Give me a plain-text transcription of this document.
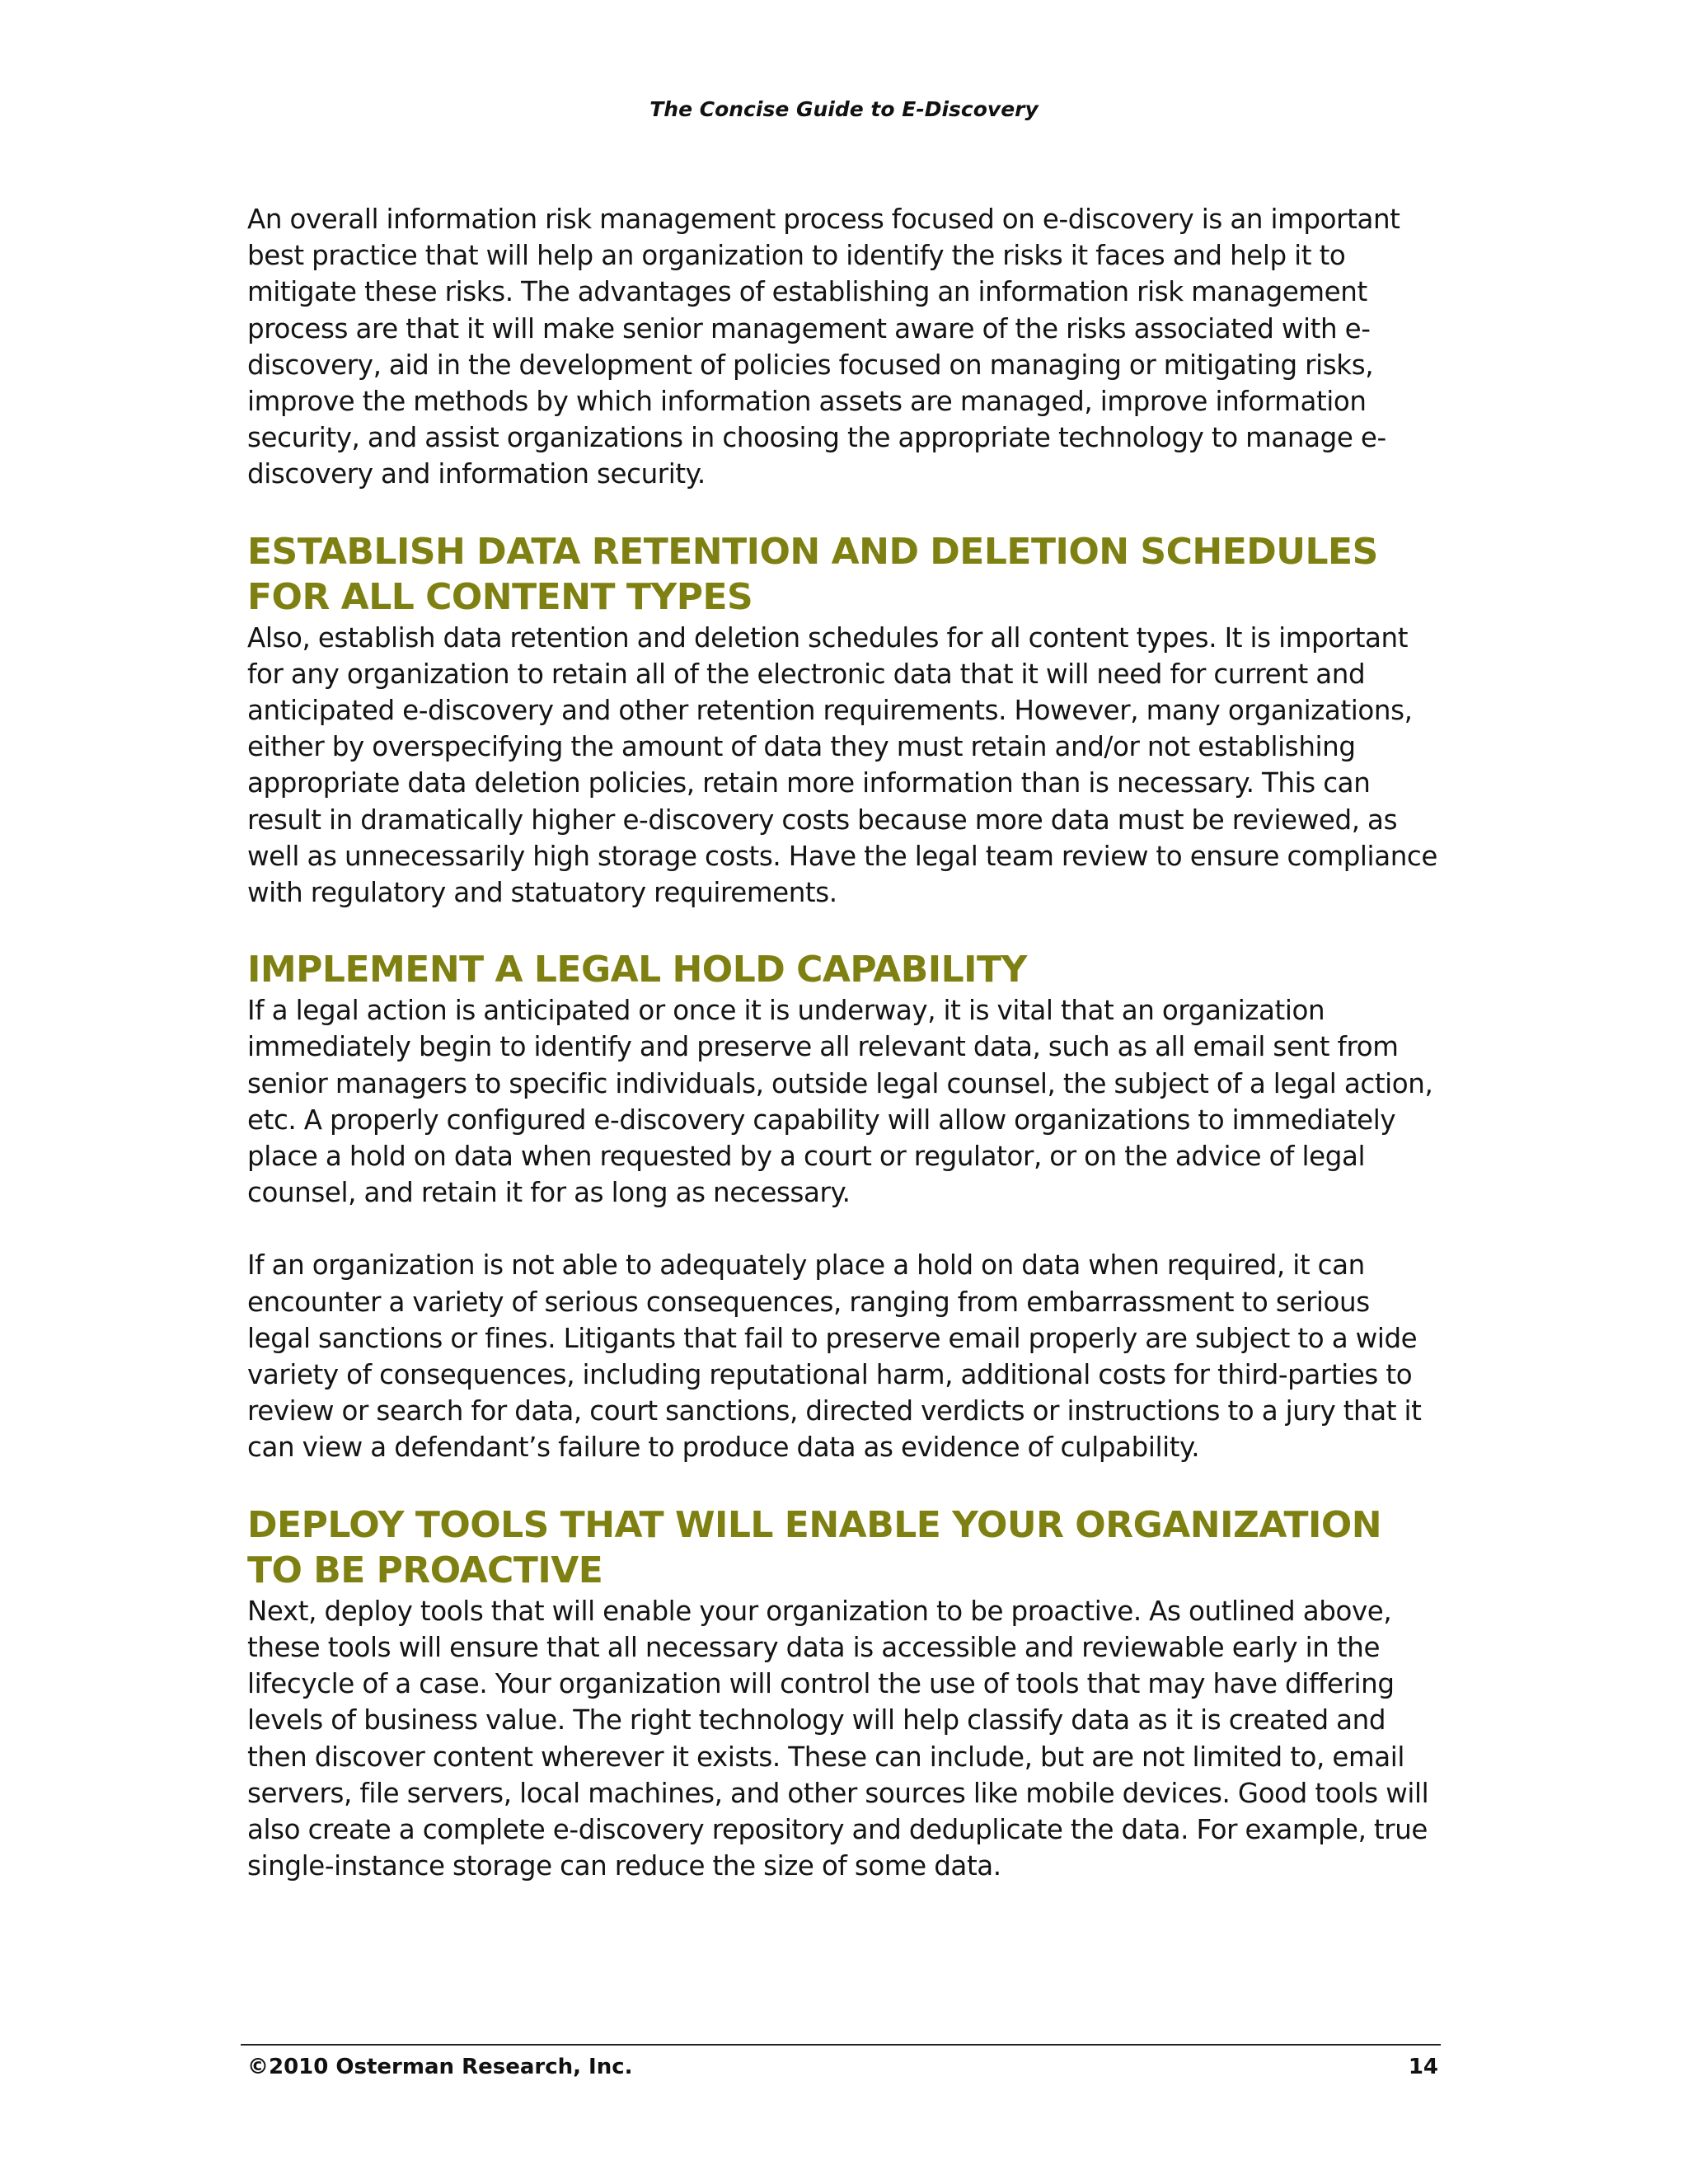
The Concise Guide to E-Discovery

An overall information risk management process focused on e-discovery is an important best practice that will help an organization to identify the risks it faces and help it to mitigate these risks. The advantages of establishing an information risk management process are that it will make senior management aware of the risks associated with e-discovery, aid in the development of policies focused on managing or mitigating risks, improve the methods by which information assets are managed, improve information security, and assist organizations in choosing the appropriate technology to manage e-discovery and information security.

ESTABLISH DATA RETENTION AND DELETION SCHEDULES
FOR ALL CONTENT TYPES

Also, establish data retention and deletion schedules for all content types. It is important for any organization to retain all of the electronic data that it will need for current and anticipated e-discovery and other retention requirements. However, many organizations, either by overspecifying the amount of data they must retain and/or not establishing appropriate data deletion policies, retain more information than is necessary. This can result in dramatically higher e-discovery costs because more data must be reviewed, as well as unnecessarily high storage costs. Have the legal team review to ensure compliance with regulatory and statuatory requirements.

IMPLEMENT A LEGAL HOLD CAPABILITY

If a legal action is anticipated or once it is underway, it is vital that an organization immediately begin to identify and preserve all relevant data, such as all email sent from senior managers to specific individuals, outside legal counsel, the subject of a legal action, etc. A properly configured e-discovery capability will allow organizations to immediately place a hold on data when requested by a court or regulator, or on the advice of legal counsel, and retain it for as long as necessary.

If an organization is not able to adequately place a hold on data when required, it can encounter a variety of serious consequences, ranging from embarrassment to serious legal sanctions or fines. Litigants that fail to preserve email properly are subject to a wide variety of consequences, including reputational harm, additional costs for third-parties to review or search for data, court sanctions, directed verdicts or instructions to a jury that it can view a defendant’s failure to produce data as evidence of culpability.

DEPLOY TOOLS THAT WILL ENABLE YOUR ORGANIZATION
TO BE PROACTIVE

Next, deploy tools that will enable your organization to be proactive. As outlined above, these tools will ensure that all necessary data is accessible and reviewable early in the lifecycle of a case. Your organization will control the use of tools that may have differing levels of business value. The right technology will help classify data as it is created and then discover content wherever it exists. These can include, but are not limited to, email servers, file servers, local machines, and other sources like mobile devices. Good tools will also create a complete e-discovery repository and deduplicate the data. For example, true single-instance storage can reduce the size of some data.

©2010 Osterman Research, Inc.	14
